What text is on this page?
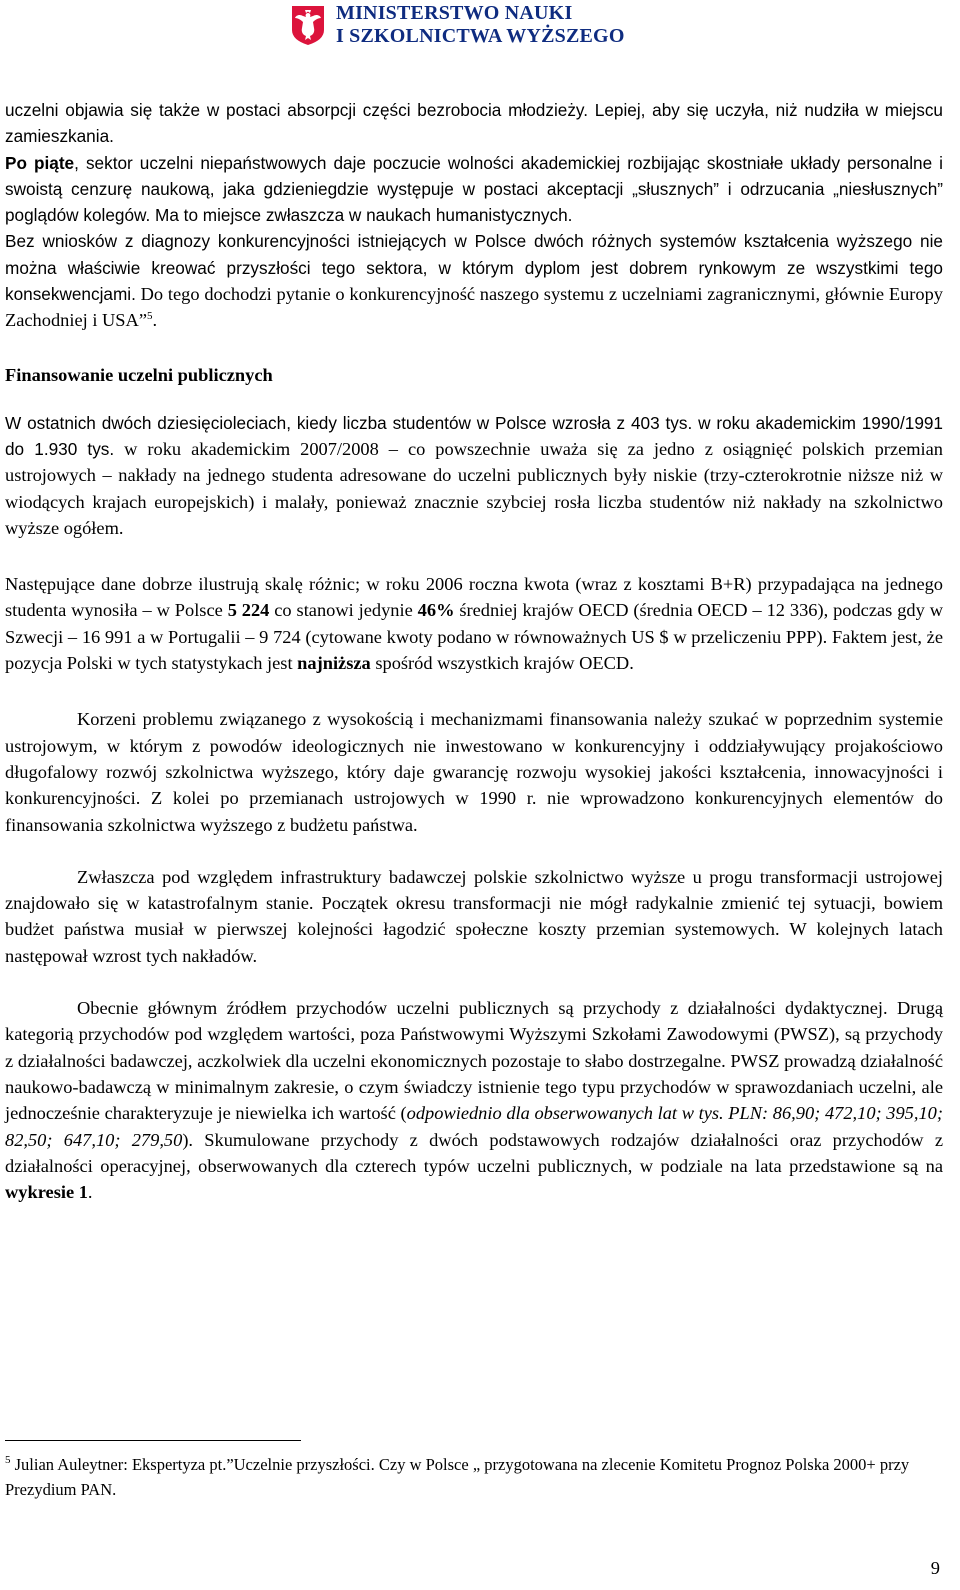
MINISTERSTWO NAUKI
I SZKOLNICTWA WYŻSZEGO

uczelni objawia się także w postaci absorpcji części bezrobocia młodzieży. Lepiej, aby się uczyła, niż nudziła w miejscu zamieszkania.

Po piąte, sektor uczelni niepaństwowych daje poczucie wolności akademickiej rozbijając skostniałe układy personalne i swoistą cenzurę naukową, jaka gdzieniegdzie występuje w postaci akceptacji „słusznych” i odrzucania „niesłusznych” poglądów kolegów. Ma to miejsce zwłaszcza w naukach humanistycznych.

Bez wniosków z diagnozy konkurencyjności istniejących w Polsce dwóch różnych systemów kształcenia wyższego nie można właściwie kreować przyszłości tego sektora, w którym dyplom jest dobrem rynkowym ze wszystkimi tego konsekwencjami. Do tego dochodzi pytanie o konkurencyjność naszego systemu z uczelniami zagranicznymi, głównie Europy Zachodniej i USA”$^5$.

Finansowanie uczelni publicznych

W ostatnich dwóch dziesięcioleciach, kiedy liczba studentów w Polsce wzrosła z 403 tys. w roku akademickim 1990/1991 do 1.930 tys. w roku akademickim 2007/2008 – co powszechnie uważa się za jedno z osiągnięć polskich przemian ustrojowych – nakłady na jednego studenta adresowane do uczelni publicznych były niskie (trzy-czterokrotnie niższe niż w wiodących krajach europejskich) i malały, ponieważ znacznie szybciej rosła liczba studentów niż nakłady na szkolnictwo wyższe ogółem.

Następujące dane dobrze ilustrują skalę różnic; w roku 2006 roczna kwota (wraz z kosztami B+R) przypadająca na jednego studenta wynosiła – w Polsce 5 224 co stanowi jedynie 46% średniej krajów OECD (średnia OECD – 12 336), podczas gdy w Szwecji – 16 991 a w Portugalii – 9 724 (cytowane kwoty podano w równoważnych US $ w przeliczeniu PPP). Faktem jest, że pozycja Polski w tych statystykach jest najniższa spośród wszystkich krajów OECD.

Korzeni problemu związanego z wysokością i mechanizmami finansowania należy szukać w poprzednim systemie ustrojowym, w którym z powodów ideologicznych nie inwestowano w konkurencyjny i oddziaływujący projakościowo długofalowy rozwój szkolnictwa wyższego, który daje gwarancję rozwoju wysokiej jakości kształcenia, innowacyjności i konkurencyjności. Z kolei po przemianach ustrojowych w 1990 r. nie wprowadzono konkurencyjnych elementów do finansowania szkolnictwa wyższego z budżetu państwa.

Zwłaszcza pod względem infrastruktury badawczej polskie szkolnictwo wyższe u progu transformacji ustrojowej znajdowało się w katastrofalnym stanie. Początek okresu transformacji nie mógł radykalnie zmienić tej sytuacji, bowiem budżet państwa musiał w pierwszej kolejności łagodzić społeczne koszty przemian systemowych. W kolejnych latach następował wzrost tych nakładów.

Obecnie głównym źródłem przychodów uczelni publicznych są przychody z działalności dydaktycznej. Drugą kategorią przychodów pod względem wartości, poza Państwowymi Wyższymi Szkołami Zawodowymi (PWSZ), są przychody z działalności badawczej, aczkolwiek dla uczelni ekonomicznych pozostaje to słabo dostrzegalne. PWSZ prowadzą działalność naukowo-badawczą w minimalnym zakresie, o czym świadczy istnienie tego typu przychodów w sprawozdaniach uczelni, ale jednocześnie charakteryzuje je niewielka ich wartość (odpowiednio dla obserwowanych lat w tys. PLN: 86,90; 472,10; 395,10; 82,50; 647,10; 279,50). Skumulowane przychody z dwóch podstawowych rodzajów działalności oraz przychodów z działalności operacyjnej, obserwowanych dla czterech typów uczelni publicznych, w podziale na lata przedstawione są na wykresie 1.

$^5$ Julian Auleytner: Ekspertyza pt.”Uczelnie przyszłości. Czy w Polsce „ przygotowana na zlecenie Komitetu Prognoz Polska 2000+ przy Prezydium PAN.

9
